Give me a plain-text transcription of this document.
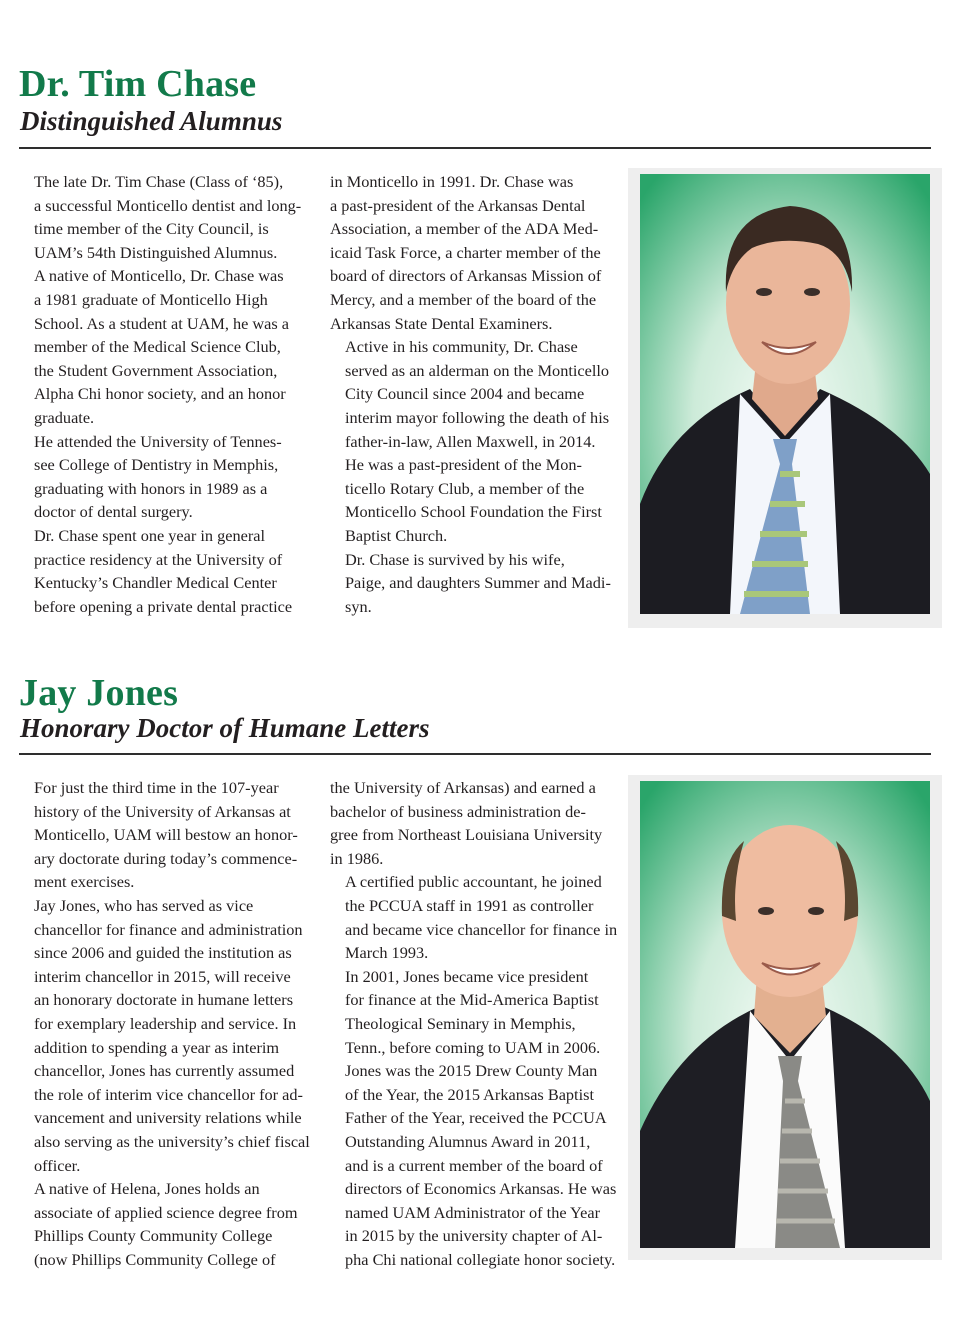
Dr. Tim Chase
Distinguished Alumnus

The late Dr. Tim Chase (Class of ‘85),
a successful Monticello dentist and long-
time member of the City Council, is
UAM’s 54th Distinguished Alumnus.

A native of Monticello, Dr. Chase was
a 1981 graduate of Monticello High
School. As a student at UAM, he was a
member of the Medical Science Club,
the Student Government Association,
Alpha Chi honor society, and an honor
graduate.

He attended the University of Tennes-
see College of Dentistry in Memphis,
graduating with honors in 1989 as a
doctor of dental surgery.

Dr. Chase spent one year in general
practice residency at the University of
Kentucky’s Chandler Medical Center
before opening a private dental practice

in Monticello in 1991. Dr. Chase was
a past-president of the Arkansas Dental
Association, a member of the ADA Med-
icaid Task Force, a charter member of the
board of directors of Arkansas Mission of
Mercy, and a member of the board of the
Arkansas State Dental Examiners.

Active in his community, Dr. Chase
served as an alderman on the Monticello
City Council since 2004 and became
interim mayor following the death of his
father-in-law, Allen Maxwell, in 2014.
He was a past-president of the Mon-
ticello Rotary Club, a member of the
Monticello School Foundation the First
Baptist Church.

Dr. Chase is survived by his wife,
Paige, and daughters Summer and Madi-
syn.

Jay Jones
Honorary Doctor of Humane Letters

For just the third time in the 107-year
history of the University of Arkansas at
Monticello, UAM will bestow an honor-
ary doctorate during today’s commence-
ment exercises.

Jay Jones, who has served as vice
chancellor for finance and administration
since 2006 and guided the institution as
interim chancellor in 2015, will receive
an honorary doctorate in humane letters
for exemplary leadership and service. In
addition to spending a year as interim
chancellor, Jones has currently assumed
the role of interim vice chancellor for ad-
vancement and university relations while
also serving as the university’s chief fiscal
officer.

A native of Helena, Jones holds an
associate of applied science degree from
Phillips County Community College
(now Phillips Community College of

the University of Arkansas) and earned a
bachelor of business administration de-
gree from Northeast Louisiana University
in 1986.

A certified public accountant, he joined
the PCCUA staff in 1991 as controller
and became vice chancellor for finance in
March 1993.

In 2001, Jones became vice president
for finance at the Mid-America Baptist
Theological Seminary in Memphis,
Tenn., before coming to UAM in 2006.

Jones was the 2015 Drew County Man
of the Year, the 2015 Arkansas Baptist
Father of the Year, received the PCCUA
Outstanding Alumnus Award in 2011,
and is a current member of the board of
directors of Economics Arkansas. He was
named UAM Administrator of the Year
in 2015 by the university chapter of Al-
pha Chi national collegiate honor society.
